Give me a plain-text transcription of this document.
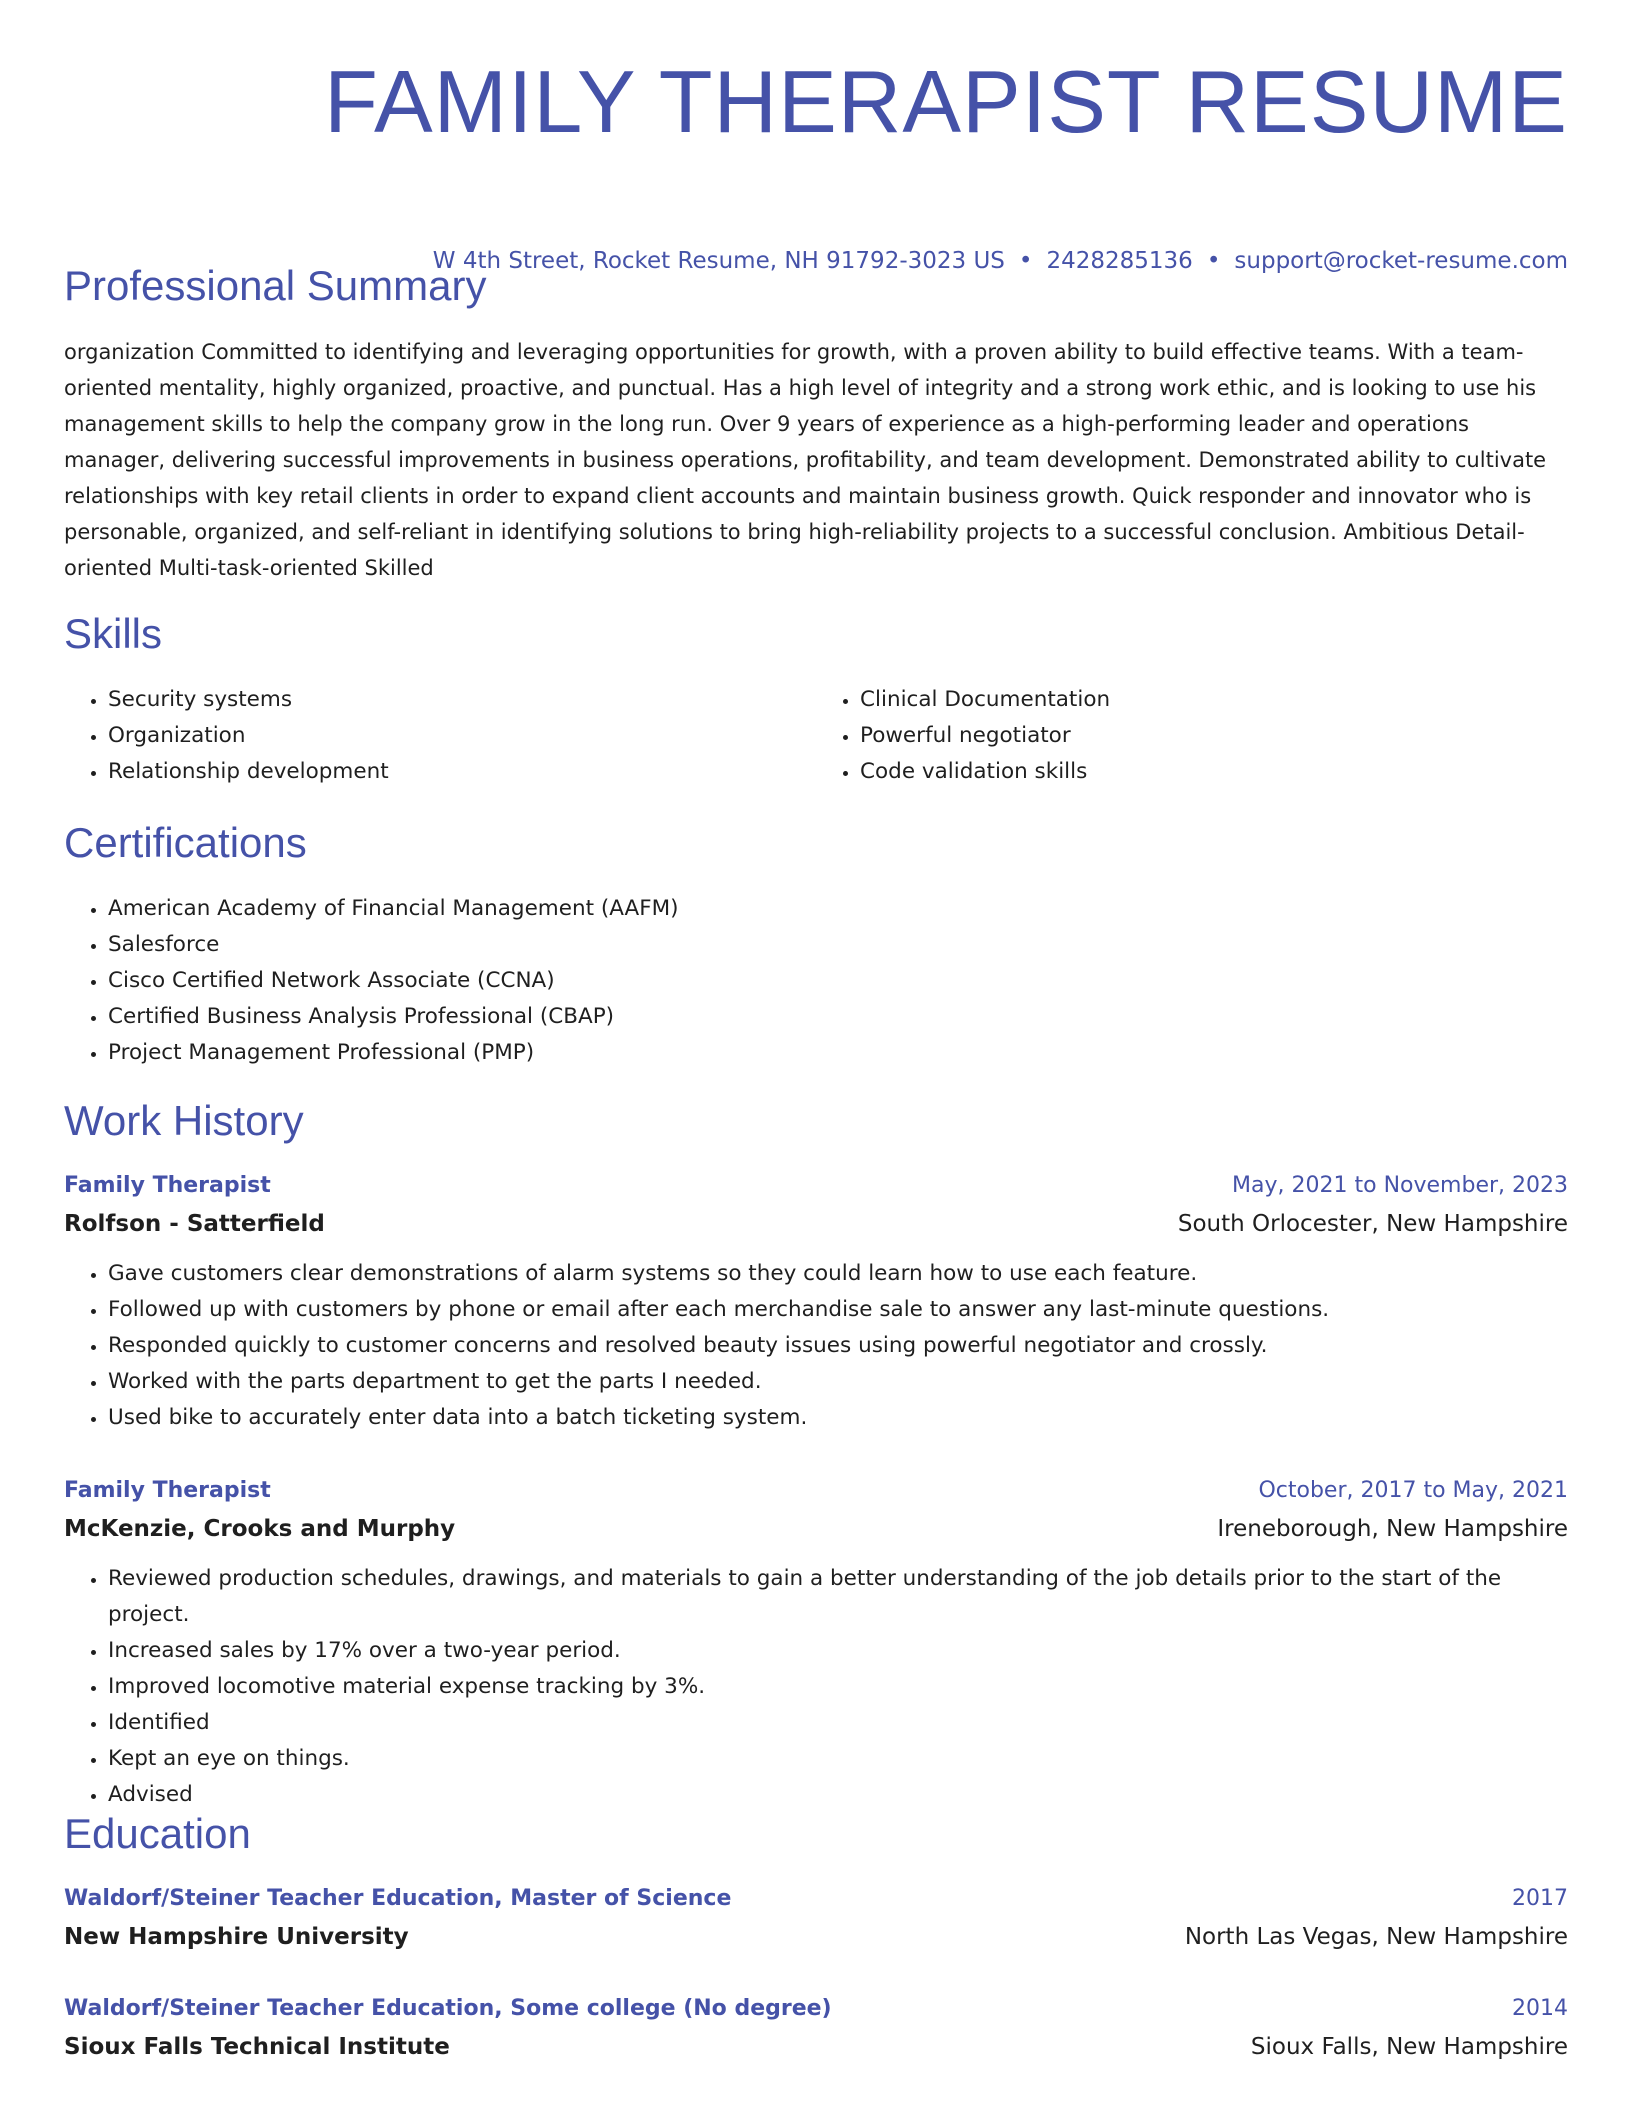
FAMILY THERAPIST RESUME
W 4th Street, Rocket Resume, NH 91792-3023 US • 2428285136 • support@rocket-resume.com
Professional Summary

organization Committed to identifying and leveraging opportunities for growth, with a proven ability to build effective teams. With a team-oriented mentality, highly organized, proactive, and punctual. Has a high level of integrity and a strong work ethic, and is looking to use his management skills to help the company grow in the long run. Over 9 years of experience as a high-performing leader and operations manager, delivering successful improvements in business operations, profitability, and team development. Demonstrated ability to cultivate relationships with key retail clients in order to expand client accounts and maintain business growth. Quick responder and innovator who is personable, organized, and self-reliant in identifying solutions to bring high-reliability projects to a successful conclusion. Ambitious Detail-oriented Multi-task-oriented Skilled

Skills
• Security systems
• Organization
• Relationship development
• Clinical Documentation
• Powerful negotiator
• Code validation skills
Certifications
• American Academy of Financial Management (AAFM)
• Salesforce
• Cisco Certified Network Associate (CCNA)
• Certified Business Analysis Professional (CBAP)
• Project Management Professional (PMP)
Work History
Family Therapist	May, 2021 to November, 2023
Rolfson - Satterfield	South Orlocester, New Hampshire
• Gave customers clear demonstrations of alarm systems so they could learn how to use each feature.
• Followed up with customers by phone or email after each merchandise sale to answer any last-minute questions.
• Responded quickly to customer concerns and resolved beauty issues using powerful negotiator and crossly.
• Worked with the parts department to get the parts I needed.
• Used bike to accurately enter data into a batch ticketing system.
Family Therapist	October, 2017 to May, 2021
McKenzie, Crooks and Murphy	Ireneborough, New Hampshire
• Reviewed production schedules, drawings, and materials to gain a better understanding of the job details prior to the start of the project.
• Increased sales by 17% over a two-year period.
• Improved locomotive material expense tracking by 3%.
• Identified
• Kept an eye on things.
• Advised
Education
Waldorf/Steiner Teacher Education, Master of Science	2017
New Hampshire University	North Las Vegas, New Hampshire
Waldorf/Steiner Teacher Education, Some college (No degree)	2014
Sioux Falls Technical Institute	Sioux Falls, New Hampshire
